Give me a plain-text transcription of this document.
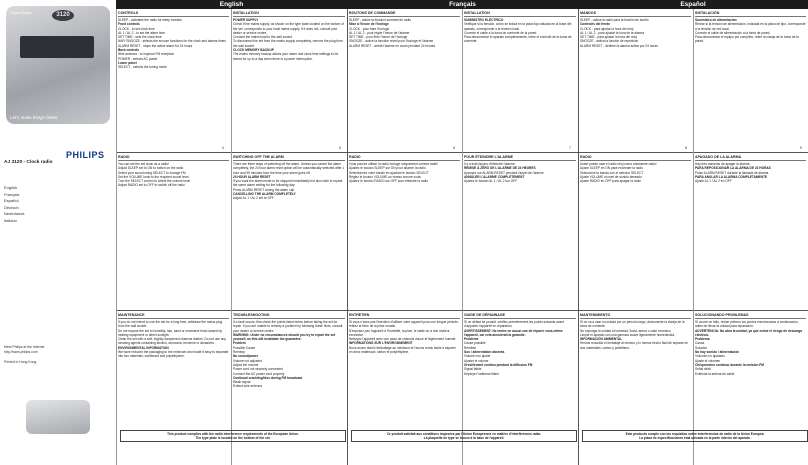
Clock Radio	3120
Let's make things better.
PHILIPS
AJ 3120 - Clock radio
English
Français
Español
Deutsch
Nederlands
Italiano
Meet Philips at the Internet
http://www.philips.com
Printed in Hong Kong
English	Français	Español
CONTROLS
SLEEP - activates the radio for sleep function
Front controls
CLOCK - to set clock time
AL 1 / AL 2 - to set the alarm time
SET TIME - sets the clock time
NAP/ SNOOZE - selects the snooze functions for the clock and alarms times
ALARM RESET - stops the active alarm for 24 hours
Back controls
Wire antenna - to improve FM reception
POWER - selects AC power
Lower panel
SELECT - selects the tuning mode
INSTALLATION
POWER SUPPLY
Check if the mains supply, as shown on the type plate located on the bottom of the set, corresponds to your local mains supply. If it does not, consult your dealer or service centre.
Connect the mains lead to the wall socket.
To disconnect the set from the mains supply completely, remove the plug from the wall socket.
CLOCK MEMORY BACKUP
The mains memory backup allows your alarm and clock time settings to be stored for up to a day when there is a power interruption.
BOUTONS DE COMMANDE
SLEEP - active la fonction sommeil de radio
Mise à l'heure de l'horloge
CLOCK - pour faire l'horloge
AL 1 / AL 2 - pour régler l'heure de l'alarme
SET TIME - pour fixer l'heure de l'horloge
SNOOZE - active la fonction réveil pour l'horloge et l'alarme
ALARM RESET - arrête l'alarme en cours pendant 24 heures
INSTALLATION
SUMINISTRO ELÉCTRICO
Verifique si la tensión, como se indica en la placa tipo situada en la base del aparato, corresponde a la tensión local.
Conecte el cable a la toma de corriente de la pared.
Para desconectar el aparato completamente, retire el enchufe de la toma de corriente.
MANDOS
SLEEP - activa la radio para la función de sueño
Controles del frente
CLOCK - para ajustar la hora del reloj
AL 1 / AL 2 - para ajustar la hora de la alarma
SET TIME - para ajustar la hora del reloj
SNOOZE - activa la función de repetición
ALARM RESET - detiene la alarma activa por 24 horas
INSTALACIÓN
Suministro de alimentación
Revise si la tensión de alimentación, indicada en la placa de tipo, corresponde a la tensión de red local.
Conecte el cable de alimentación a la toma de pared.
Para desconectar el equipo por completo, retire la clavija de la toma de la pared.
RADIO
You can set the set clock as a radio!
Adjust SLEEP set to ON to switch on the radio
Select your sound using SELECT to change FM
Set the VOLUME knob to the required sound level
Turn the SELECT control to select the volume level
Adjust RADIO set to OFF to switch off the radio
SWITCHING OFF THE ALARM
There are three ways of switching off the alarm. Unless you cancel the alarm completely, the 24 hour alarm reset option will be automatically selected after 1 hour and 59 minutes from the time your alarm goes off.
24 HOUR ALARM RESET
If you want the alarm mode to be stopped immediately but also wish to repeat the same alarm setting for the following day:
Press ALARM RESET during the alarm call
CANCELLING THE ALARM COMPLETELY
Adjust AL 1 / AL 2 set to OFF
RADIO
Vous pouvez utiliser la radio horloge uniquement comme radio!
Ajustez le bouton SLEEP sur ON pour allumer la radio
Sélectionnez votre bande en ajustant le bouton SELECT
Réglez le bouton VOLUME au niveau sonore voulu
Ajustez le bouton RADIO sur OFF pour éteindre la radio
POUR ÉTEINDRE L'ALARME
Il y a trois façons d'éteindre l'alarme.
REMISE À ZÉRO DE L'ALARME DE 24 HEURES
Appuyez sur ALARM RESET pendant l'appel de l'alarme
ANNULER L'ALARME COMPLÈTEMENT
Ajustez le bouton AL 1 / AL 2 sur OFF
RADIO
Usted puede usar el radio reloj como solamente radio!
Ajuste SLEEP en ON para encender la radio
Seleccione la banda con el selector SELECT
Ajuste VOLUME al nivel de sonido deseado
Ajuste RADIO en OFF para apagar la radio
APAGADO DE LA ALARMA
Hay tres maneras de apagar la alarma.
PARA REPOSICIONAR LA ALARMA DE 24 HORAS
Pulse ALARM RESET durante la llamada de alarma
PARA ANULAR LA ALARMA COMPLETAMENTE
Ajuste AL 1 / AL 2 en OFF
MAINTENANCE
If you do not intend to use the set for a long time, withdraw the mains plug from the wall socket.
Do not expose the set to humidity, rain, sand or excessive heat caused by heating equipment or direct sunlight.
Clean the set with a soft, slightly dampened chamois leather. Do not use any cleaning agents containing alcohol, ammonia, benzene or abrasives.
ENVIRONMENTAL INFORMATION
We have reduced the packaging to the minimum and made it easy to separate into two materials: cardboard and polyethylene.
This product complies with the radio interference requirements of the European Union.
The type plate is located on the bottom of the set.
TROUBLESHOOTING
If a fault occurs, first check the points listed below before taking the set for repair. If you are unable to remedy a problem by following these hints, consult your dealer or service centre.
WARNING: Under no circumstances should you try to repair the set yourself, as this will invalidate the guarantee.
Problem
Possible Cause
Remedy
No sound/power
Volume not adjusted
Adjust the volume
Power cord not securely connected
Connect the AC power cord properly
Continual crackling/hiss during FM broadcast
Weak signal
Extend wire antenna
ENTRETIEN
Si vous n'avez pas l'intention d'utiliser votre appareil pour une longue période, retirez la fiche de la prise murale.
N'exposez pas l'appareil à l'humidité, la pluie, le sable ou à une chaleur excessive.
Nettoyez l'appareil avec une peau de chamois douce et légèrement humide.
INFORMATIONS SUR L'ENVIRONNEMENT
Nous avons réduit l'emballage au minimum et l'avons rendu facile à séparer en deux matériaux: carton et polyéthylène.
Ce produit satisfait aux conditions imposées par l'Union Européenne en matière d'interférences radio.
La plaquette de type se trouve à la base de l'appareil.
GUIDE DE DÉPANNAGE
Si un défaut se produit, vérifiez premièrement les points suivants avant d'apporter l'appareil en réparation.
AVERTISSEMENT: Ne tentez en aucun cas de réparer vous-même l'appareil, car cela annulerait la garantie.
Problème
Cause possible
Remède
Son / alimentation absents
Volume non ajusté
Ajuster le volume
Grésillement continu pendant la diffusion FM
Signal faible
Déployer l'antenne filaire
MANTENIMIENTO
Si no va a usar su unidad por un período largo, desconecte la clavija de la toma de corriente.
No exponga la unidad a humedad, lluvia, arena o calor excesivo.
Limpie el aparato con una gamuza suave ligeramente humedecida.
INFORMACIÓN AMBIENTAL
Hemos reducido el embalaje al mínimo y lo hemos hecho fácil de separar en dos materiales: cartón y polietileno.
Este producto cumple con los requisitos sobre interferencias de radio de la Unión Europea.
La placa de especificaciones está ubicada en la parte inferior del aparato.
SOLUCIONANDO PROBLEMAS
Si ocurre un fallo, revise primero los puntos mencionados a continuación, antes de llevar la unidad para reparación.
ADVERTENCIA: No abra la unidad, ya que existe el riesgo de descarga eléctrica.
Problema
Causa
Solución
No hay sonido / alimentación
Volumen no ajustado
Ajuste el volumen
Chisporroteo continuo durante la emisión FM
Señal débil
Extienda la antena de cable
4	5	6	7	8	9
